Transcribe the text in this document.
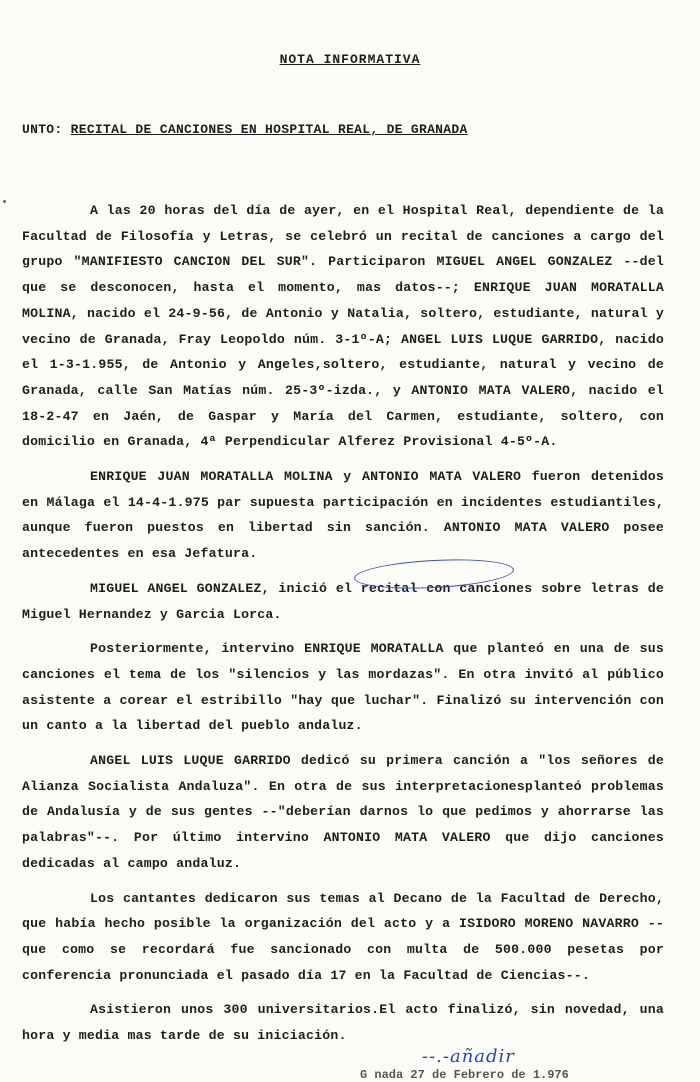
NOTA INFORMATIVA
UNTO: RECITAL DE CANCIONES EN HOSPITAL REAL, DE GRANADA

A las 20 horas del día de ayer, en el Hospital Real, dependiente de la Facultad de Filosofía y Letras, se celebró un recital de canciones a cargo del grupo "MANIFIESTO CANCION DEL SUR". Participaron MIGUEL ANGEL GONZALEZ --del que se desconocen, hasta el momento, mas datos--; ENRIQUE JUAN MORATALLA MOLINA, nacido el 24-9-56, de Antonio y Natalia, soltero, estudiante, natural y vecino de Granada, Fray Leopoldo núm. 3-1º-A; ANGEL LUIS LUQUE GARRIDO, nacido el 1-3-1.955, de Antonio y Angeles,soltero, estudiante, natural y vecino de Granada, calle San Matías núm. 25-3º-izda., y ANTONIO MATA VALERO, nacido el 18-2-47 en Jaén, de Gaspar y María del Carmen, estudiante, soltero, con domicilio en Granada, 4ª Perpendicular Alferez Provisional 4-5º-A.

ENRIQUE JUAN MORATALLA MOLINA y ANTONIO MATA VALERO fueron detenidos en Málaga el 14-4-1.975 par supuesta participación en incidentes estudiantiles, aunque fueron puestos en libertad sin sanción. ANTONIO MATA VALERO posee antecedentes en esa Jefatura.

MIGUEL ANGEL GONZALEZ, inició el recital con canciones sobre letras de Miguel Hernandez y Garcia Lorca.

Posteriormente, intervino ENRIQUE MORATALLA que planteó en una de sus canciones el tema de los "silencios y las mordazas". En otra invitó al público asistente a corear el estribillo "hay que luchar". Finalizó su intervención con un canto a la libertad del pueblo andaluz.

ANGEL LUIS LUQUE GARRIDO dedicó su primera canción a "los señores de Alianza Socialista Andaluza". En otra de sus interpretacionesplanteó problemas de Andalusía y de sus gentes --"deberían darnos lo que pedimos y ahorrarse las palabras"--. Por último intervino ANTONIO MATA VALERO que dijo canciones dedicadas al campo andaluz.

Los cantantes dedicaron sus temas al Decano de la Facultad de Derecho, que había hecho posible la organización del acto y a ISIDORO MORENO NAVARRO --que como se recordará fue sancionado con multa de 500.000 pesetas por conferencia pronunciada el pasado día 17 en la Facultad de Ciencias--.

Asistieron unos 300 universitarios.El acto finalizó, sin novedad, una hora y media mas tarde de su iniciación.

--.-añadir
G nada 27 de Febrero de 1.976
